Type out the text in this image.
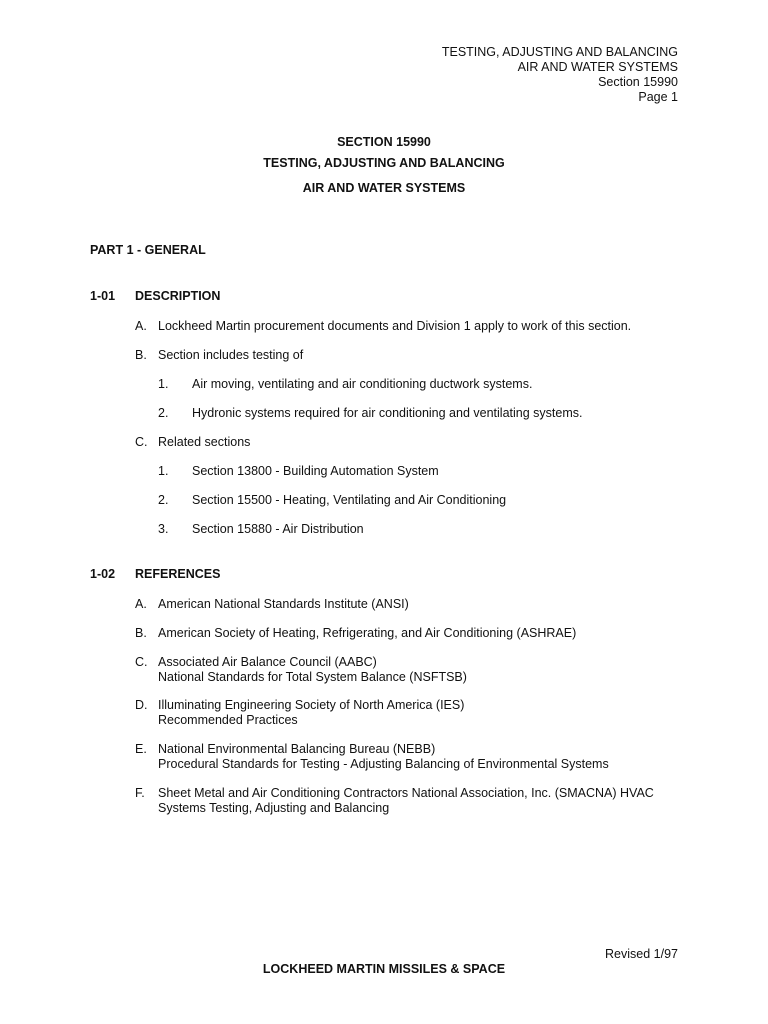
TESTING, ADJUSTING AND BALANCING
AIR AND WATER SYSTEMS
Section 15990
Page 1
SECTION 15990
TESTING, ADJUSTING AND BALANCING
AIR AND WATER SYSTEMS
PART 1 - GENERAL
1-01 DESCRIPTION
A. Lockheed Martin procurement documents and Division 1 apply to work of this section.
B. Section includes testing of
1. Air moving, ventilating and air conditioning ductwork systems.
2. Hydronic systems required for air conditioning and ventilating systems.
C. Related sections
1. Section 13800 - Building Automation System
2. Section 15500 - Heating, Ventilating and Air Conditioning
3. Section 15880 - Air Distribution
1-02 REFERENCES
A. American National Standards Institute (ANSI)
B. American Society of Heating, Refrigerating, and Air Conditioning (ASHRAE)
C. Associated Air Balance Council (AABC)
National Standards for Total System Balance (NSFTSB)
D. Illuminating Engineering Society of North America (IES)
Recommended Practices
E. National Environmental Balancing Bureau (NEBB)
Procedural Standards for Testing - Adjusting Balancing of Environmental Systems
F. Sheet Metal and Air Conditioning Contractors National Association, Inc. (SMACNA) HVAC
Systems Testing, Adjusting and Balancing
Revised 1/97
LOCKHEED MARTIN MISSILES & SPACE
